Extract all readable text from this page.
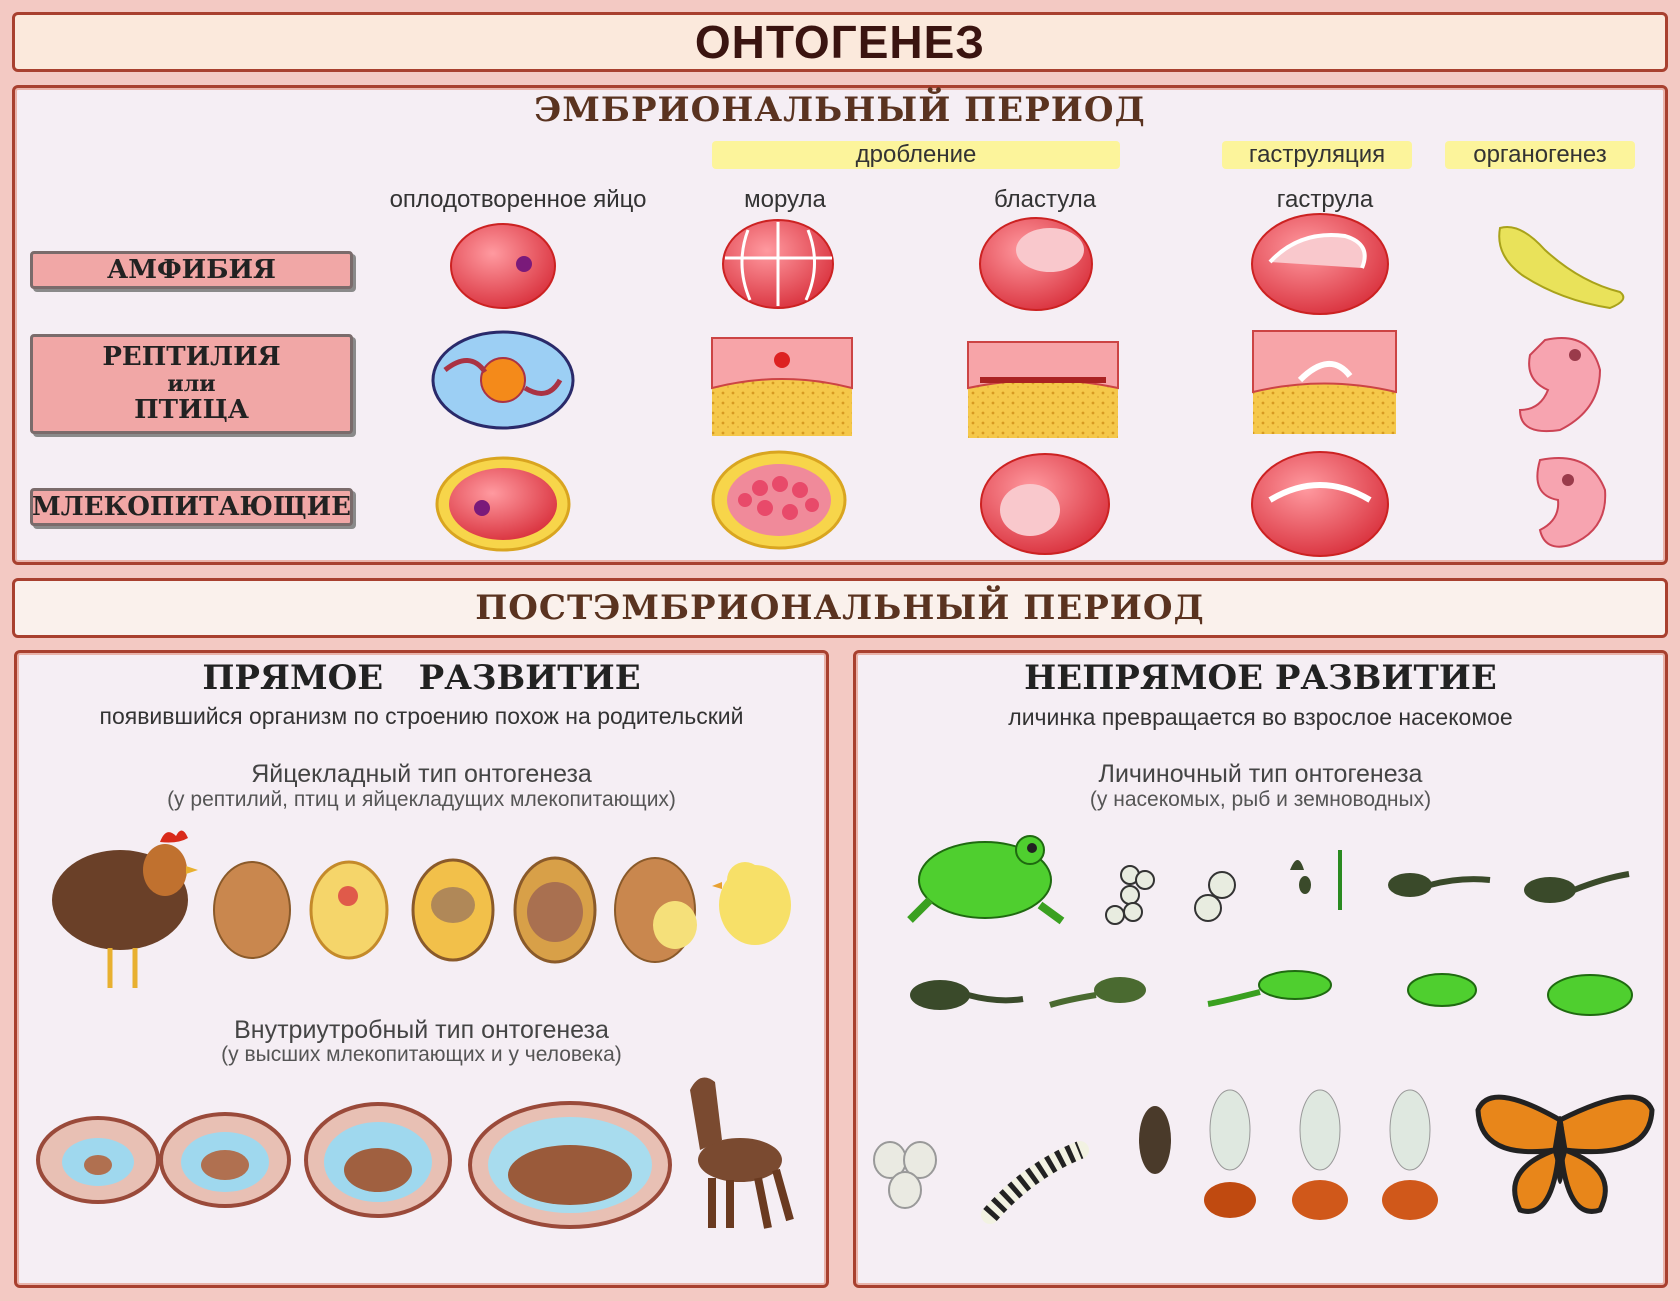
ОНТОГЕНЕЗ
ЭМБРИОНАЛЬНЫЙ ПЕРИОД
дробление	гаструляция	органогенез
оплодотворенное яйцо	морула	бластула	гаструла
АМФИБИЯ
РЕПТИЛИЯ
или
ПТИЦА
МЛЕКОПИТАЮЩИЕ
ПОСТЭМБРИОНАЛЬНЫЙ ПЕРИОД
ПРЯМОЕ   РАЗВИТИЕ
появившийся организм по строению похож на родительский
Яйцекладный тип онтогенеза
(у рептилий, птиц и яйцекладущих млекопитающих)
Внутриутробный тип онтогенеза
(у высших млекопитающих и у человека)
НЕПРЯМОЕ РАЗВИТИЕ
личинка превращается во взрослое насекомое
Личиночный тип онтогенеза
(у насекомых, рыб и земноводных)
